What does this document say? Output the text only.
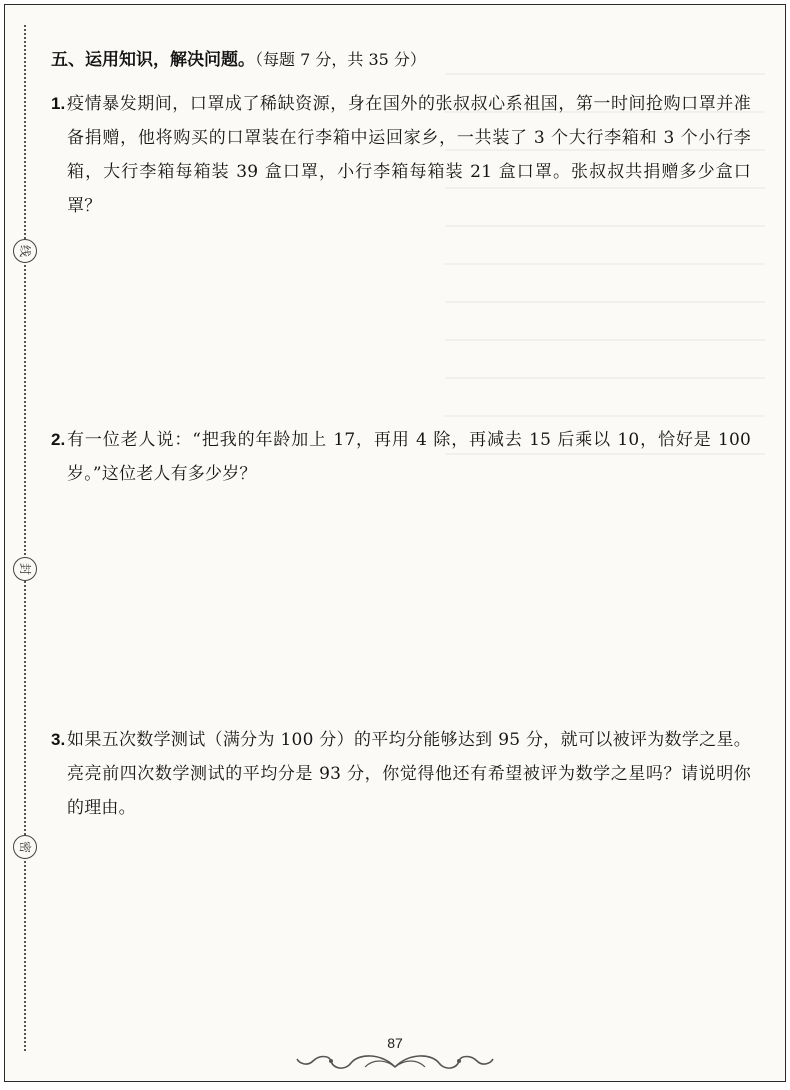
线
封
密
五、运用知识，解决问题。（每题 7 分，共 35 分）
1. 疫情暴发期间，口罩成了稀缺资源，身在国外的张叔叔心系祖国，第一时间抢购口罩并准备捐赠，他将购买的口罩装在行李箱中运回家乡，一共装了 3 个大行李箱和 3 个小行李箱，大行李箱每箱装 39 盒口罩，小行李箱每箱装 21 盒口罩。张叔叔共捐赠多少盒口罩？

2. 有一位老人说：“把我的年龄加上 17，再用 4 除，再减去 15 后乘以 10，恰好是 100 岁。”这位老人有多少岁？

3. 如果五次数学测试（满分为 100 分）的平均分能够达到 95 分，就可以被评为数学之星。亮亮前四次数学测试的平均分是 93 分，你觉得他还有希望被评为数学之星吗？请说明你的理由。

87
